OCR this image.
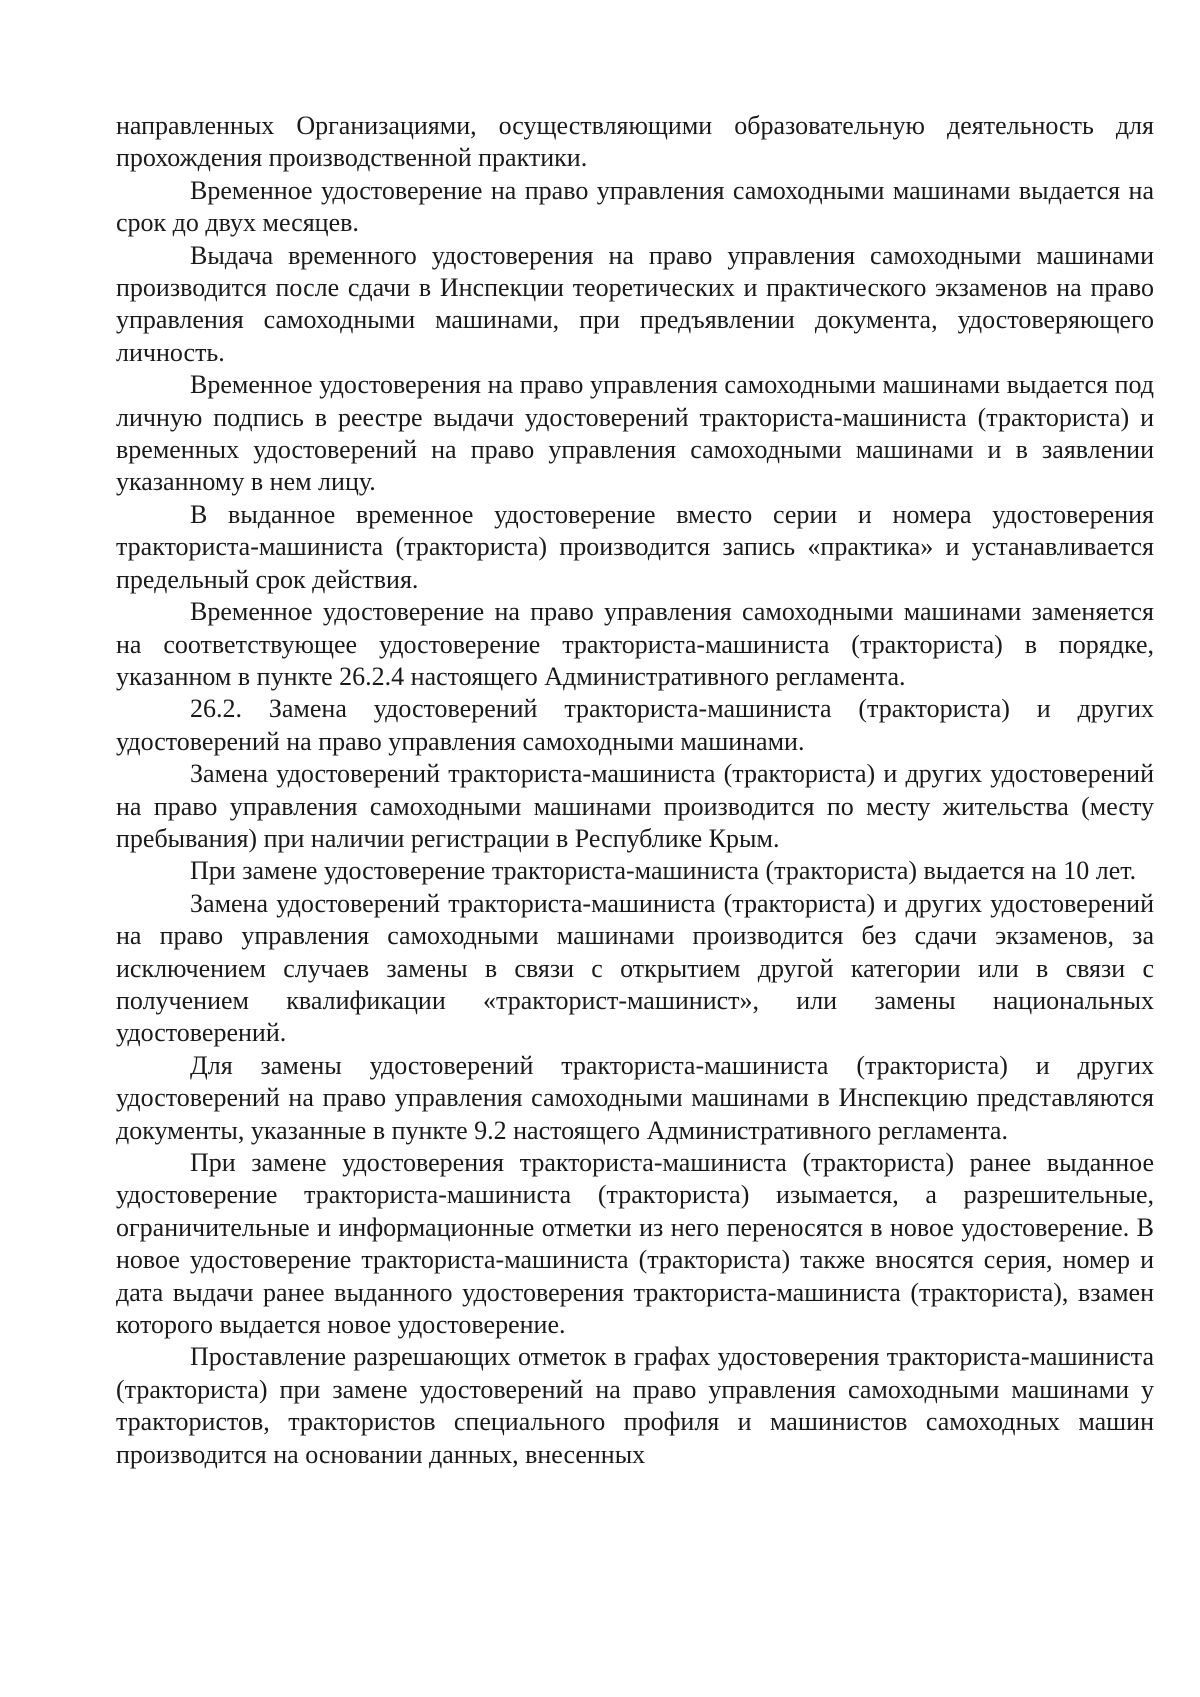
направленных Организациями, осуществляющими образовательную деятельность для прохождения производственной практики.

Временное удостоверение на право управления самоходными машинами выдается на срок до двух месяцев.

Выдача временного удостоверения на право управления самоходными машинами производится после сдачи в Инспекции теоретических и практического экзаменов на право управления самоходными машинами, при предъявлении документа, удостоверяющего личность.

Временное удостоверения на право управления самоходными машинами выдается под личную подпись в реестре выдачи удостоверений тракториста-машиниста (тракториста) и временных удостоверений на право управления самоходными машинами и в заявлении указанному в нем лицу.

В выданное временное удостоверение вместо серии и номера удостоверения тракториста-машиниста (тракториста) производится запись «практика» и устанавливается предельный срок действия.

Временное удостоверение на право управления самоходными машинами заменяется на соответствующее удостоверение тракториста-машиниста (тракториста) в порядке, указанном в пункте 26.2.4 настоящего Административного регламента.

26.2. Замена удостоверений тракториста-машиниста (тракториста) и других удостоверений на право управления самоходными машинами.

Замена удостоверений тракториста-машиниста (тракториста) и других удостоверений на право управления самоходными машинами производится по месту жительства (месту пребывания) при наличии регистрации в Республике Крым.

При замене удостоверение тракториста-машиниста (тракториста) выдается на 10 лет.

Замена удостоверений тракториста-машиниста (тракториста) и других удостоверений на право управления самоходными машинами производится без сдачи экзаменов, за исключением случаев замены в связи с открытием другой категории или в связи с получением квалификации «тракторист-машинист», или замены национальных удостоверений.

Для замены удостоверений тракториста-машиниста (тракториста) и других удостоверений на право управления самоходными машинами в Инспекцию представляются документы, указанные в пункте 9.2 настоящего Административного регламента.

При замене удостоверения тракториста-машиниста (тракториста) ранее выданное удостоверение тракториста-машиниста (тракториста) изымается, а разрешительные, ограничительные и информационные отметки из него переносятся в новое удостоверение. В новое удостоверение тракториста-машиниста (тракториста) также вносятся серия, номер и дата выдачи ранее выданного удостоверения тракториста-машиниста (тракториста), взамен которого выдается новое удостоверение.

Проставление разрешающих отметок в графах удостоверения тракториста-машиниста (тракториста) при замене удостоверений на право управления самоходными машинами у трактористов, трактористов специального профиля и машинистов самоходных машин производится на основании данных, внесенных
